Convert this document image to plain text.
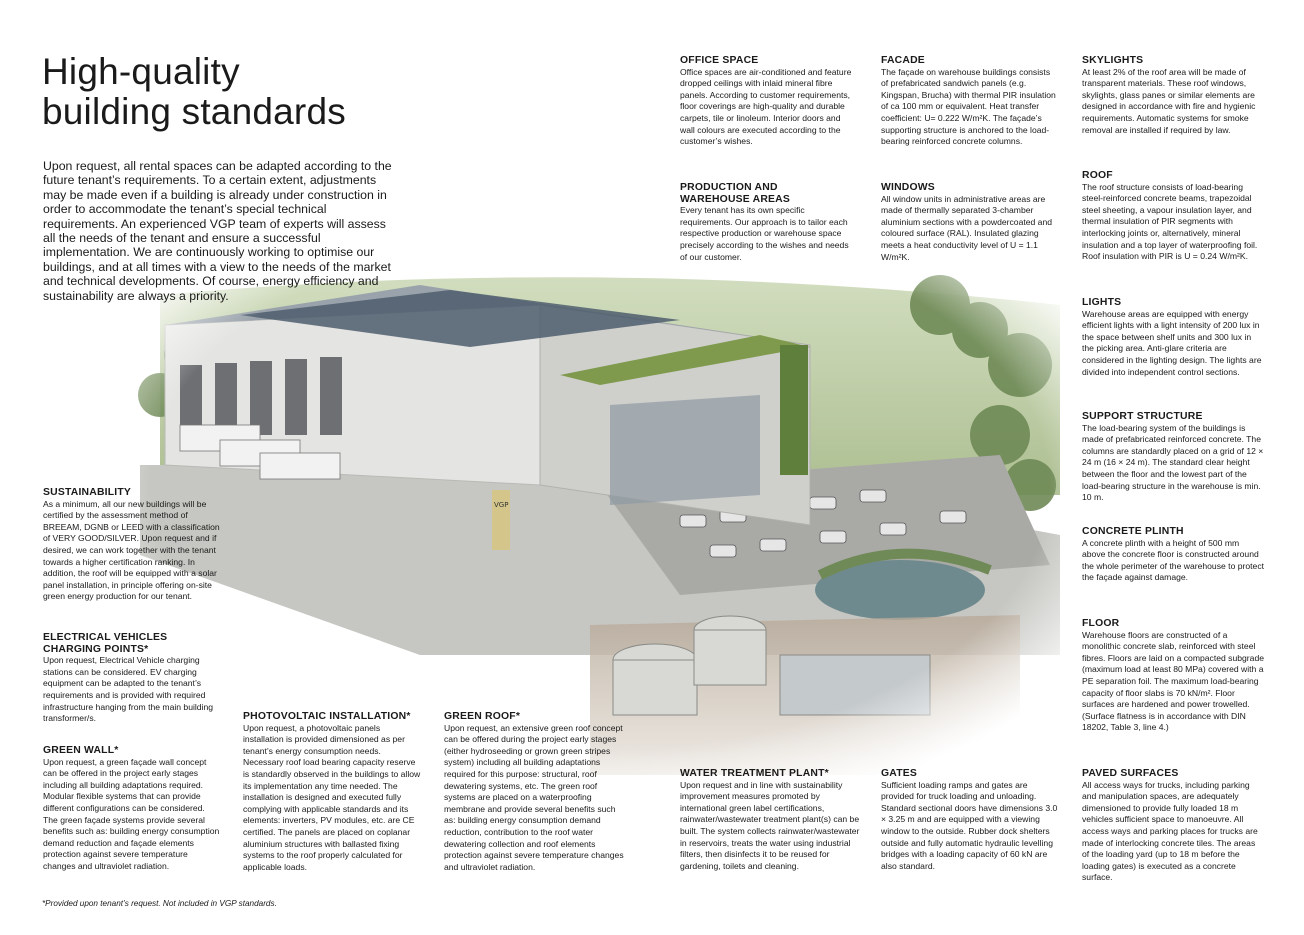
High-quality
building standards
Upon request, all rental spaces can be adapted according to the future tenant’s requirements. To a certain extent, adjustments may be made even if a building is already under construction in order to accommodate the tenant’s special technical requirements. An experienced VGP team of experts will assess all the needs of the tenant and ensure a successful implementation. We are continuously working to optimise our buildings, and at all times with a view to the needs of the market and technical developments. Of course, energy efficiency and sustainability are always a priority.
SUSTAINABILITY

As a minimum, all our new buildings will be certified by the assessment method of BREEAM, DGNB or LEED with a classification of VERY GOOD/SILVER. Upon request and if desired, we can work together with the tenant towards a higher certification ranking. In addition, the roof will be equipped with a solar panel installation, in principle offering on-site green energy production for our tenant.

ELECTRICAL VEHICLES CHARGING POINTS*

Upon request, Electrical Vehicle charging stations can be considered. EV charging equipment can be adapted to the tenant’s requirements and is provided with required infrastructure hanging from the main building transformer/s.

GREEN WALL*

Upon request, a green façade wall concept can be offered in the project early stages including all building adaptations required. Modular flexible systems that can provide different configurations can be considered. The green façade systems provide several benefits such as: building energy consumption demand reduction and façade elements protection against severe temperature changes and ultraviolet radiation.

PHOTOVOLTAIC INSTALLATION*

Upon request, a photovoltaic panels installation is provided dimensioned as per tenant’s energy consumption needs. Necessary roof load bearing capacity reserve is standardly observed in the buildings to allow its implementation any time needed. The installation is designed and executed fully complying with applicable standards and its elements: inverters, PV modules, etc. are CE certified. The panels are placed on coplanar aluminium structures with ballasted fixing systems to the roof properly calculated for applicable loads.

GREEN ROOF*

Upon request, an extensive green roof concept can be offered during the project early stages (either hydroseeding or grown green stripes system) including all building adaptations required for this purpose: structural, roof dewatering systems, etc. The green roof systems are placed on a waterproofing membrane and provide several benefits such as: building energy consumption demand reduction, contribution to the roof water dewatering collection and roof elements protection against severe temperature changes and ultraviolet radiation.

OFFICE SPACE

Office spaces are air-conditioned and feature dropped ceilings with inlaid mineral fibre panels. According to customer requirements, floor coverings are high-quality and durable carpets, tile or linoleum. Interior doors and wall colours are executed according to the customer’s wishes.

PRODUCTION AND WAREHOUSE AREAS

Every tenant has its own specific requirements. Our approach is to tailor each respective production or warehouse space precisely according to the wishes and needs of our customer.

WATER TREATMENT PLANT*

Upon request and in line with sustainability improvement measures promoted by international green label certifications, rainwater/wastewater treatment plant(s) can be built. The system collects rainwater/wastewater in reservoirs, treats the water using industrial filters, then disinfects it to be reused for gardening, toilets and cleaning.

FACADE

The façade on warehouse buildings consists of prefabricated sandwich panels (e.g. Kingspan, Brucha) with thermal PIR insulation of ca 100 mm or equivalent. Heat transfer coefficient: U= 0.222 W/m²K. The façade’s supporting structure is anchored to the load-bearing reinforced concrete columns.

WINDOWS

All window units in administrative areas are made of thermally separated 3-chamber aluminium sections with a powdercoated and coloured surface (RAL). Insulated glazing meets a heat conductivity level of U = 1.1 W/m²K.

GATES

Sufficient loading ramps and gates are provided for truck loading and unloading. Standard sectional doors have dimensions 3.0 × 3.25 m and are equipped with a viewing window to the outside. Rubber dock shelters outside and fully automatic hydraulic levelling bridges with a loading capacity of 60 kN are also standard.

SKYLIGHTS

At least 2% of the roof area will be made of transparent materials. These roof windows, skylights, glass panes or similar elements are designed in accordance with fire and hygienic requirements. Automatic systems for smoke removal are installed if required by law.

ROOF

The roof structure consists of load-bearing steel-reinforced concrete beams, trapezoidal steel sheeting, a vapour insulation layer, and thermal insulation of PIR segments with interlocking joints or, alternatively, mineral insulation and a top layer of waterproofing foil. Roof insulation with PIR is U = 0.24 W/m²K.

LIGHTS

Warehouse areas are equipped with energy efficient lights with a light intensity of 200 lux in the space between shelf units and 300 lux in the picking area. Anti-glare criteria are considered in the lighting design. The lights are divided into independent control sections.

SUPPORT STRUCTURE

The load-bearing system of the buildings is made of prefabricated reinforced concrete. The columns are standardly placed on a grid of 12 × 24 m (16 × 24 m). The standard clear height between the floor and the lowest part of the load-bearing structure in the warehouse is min. 10 m.

CONCRETE PLINTH

A concrete plinth with a height of 500 mm above the concrete floor is constructed around the whole perimeter of the warehouse to protect the façade against damage.

FLOOR

Warehouse floors are constructed of a monolithic concrete slab, reinforced with steel fibres. Floors are laid on a compacted subgrade (maximum load at least 80 MPa) covered with a PE separation foil. The maximum load-bearing capacity of floor slabs is 70 kN/m². Floor surfaces are hardened and power trowelled. (Surface flatness is in accordance with DIN 18202, Table 3, line 4.)

PAVED SURFACES

All access ways for trucks, including parking and manipulation spaces, are adequately dimensioned to provide fully loaded 18 m vehicles sufficient space to manoeuvre. All access ways and parking places for trucks are made of interlocking concrete tiles. The areas of the loading yard (up to 18 m before the loading gates) is executed as a concrete surface.

*Provided upon tenant’s request. Not included in VGP standards.
